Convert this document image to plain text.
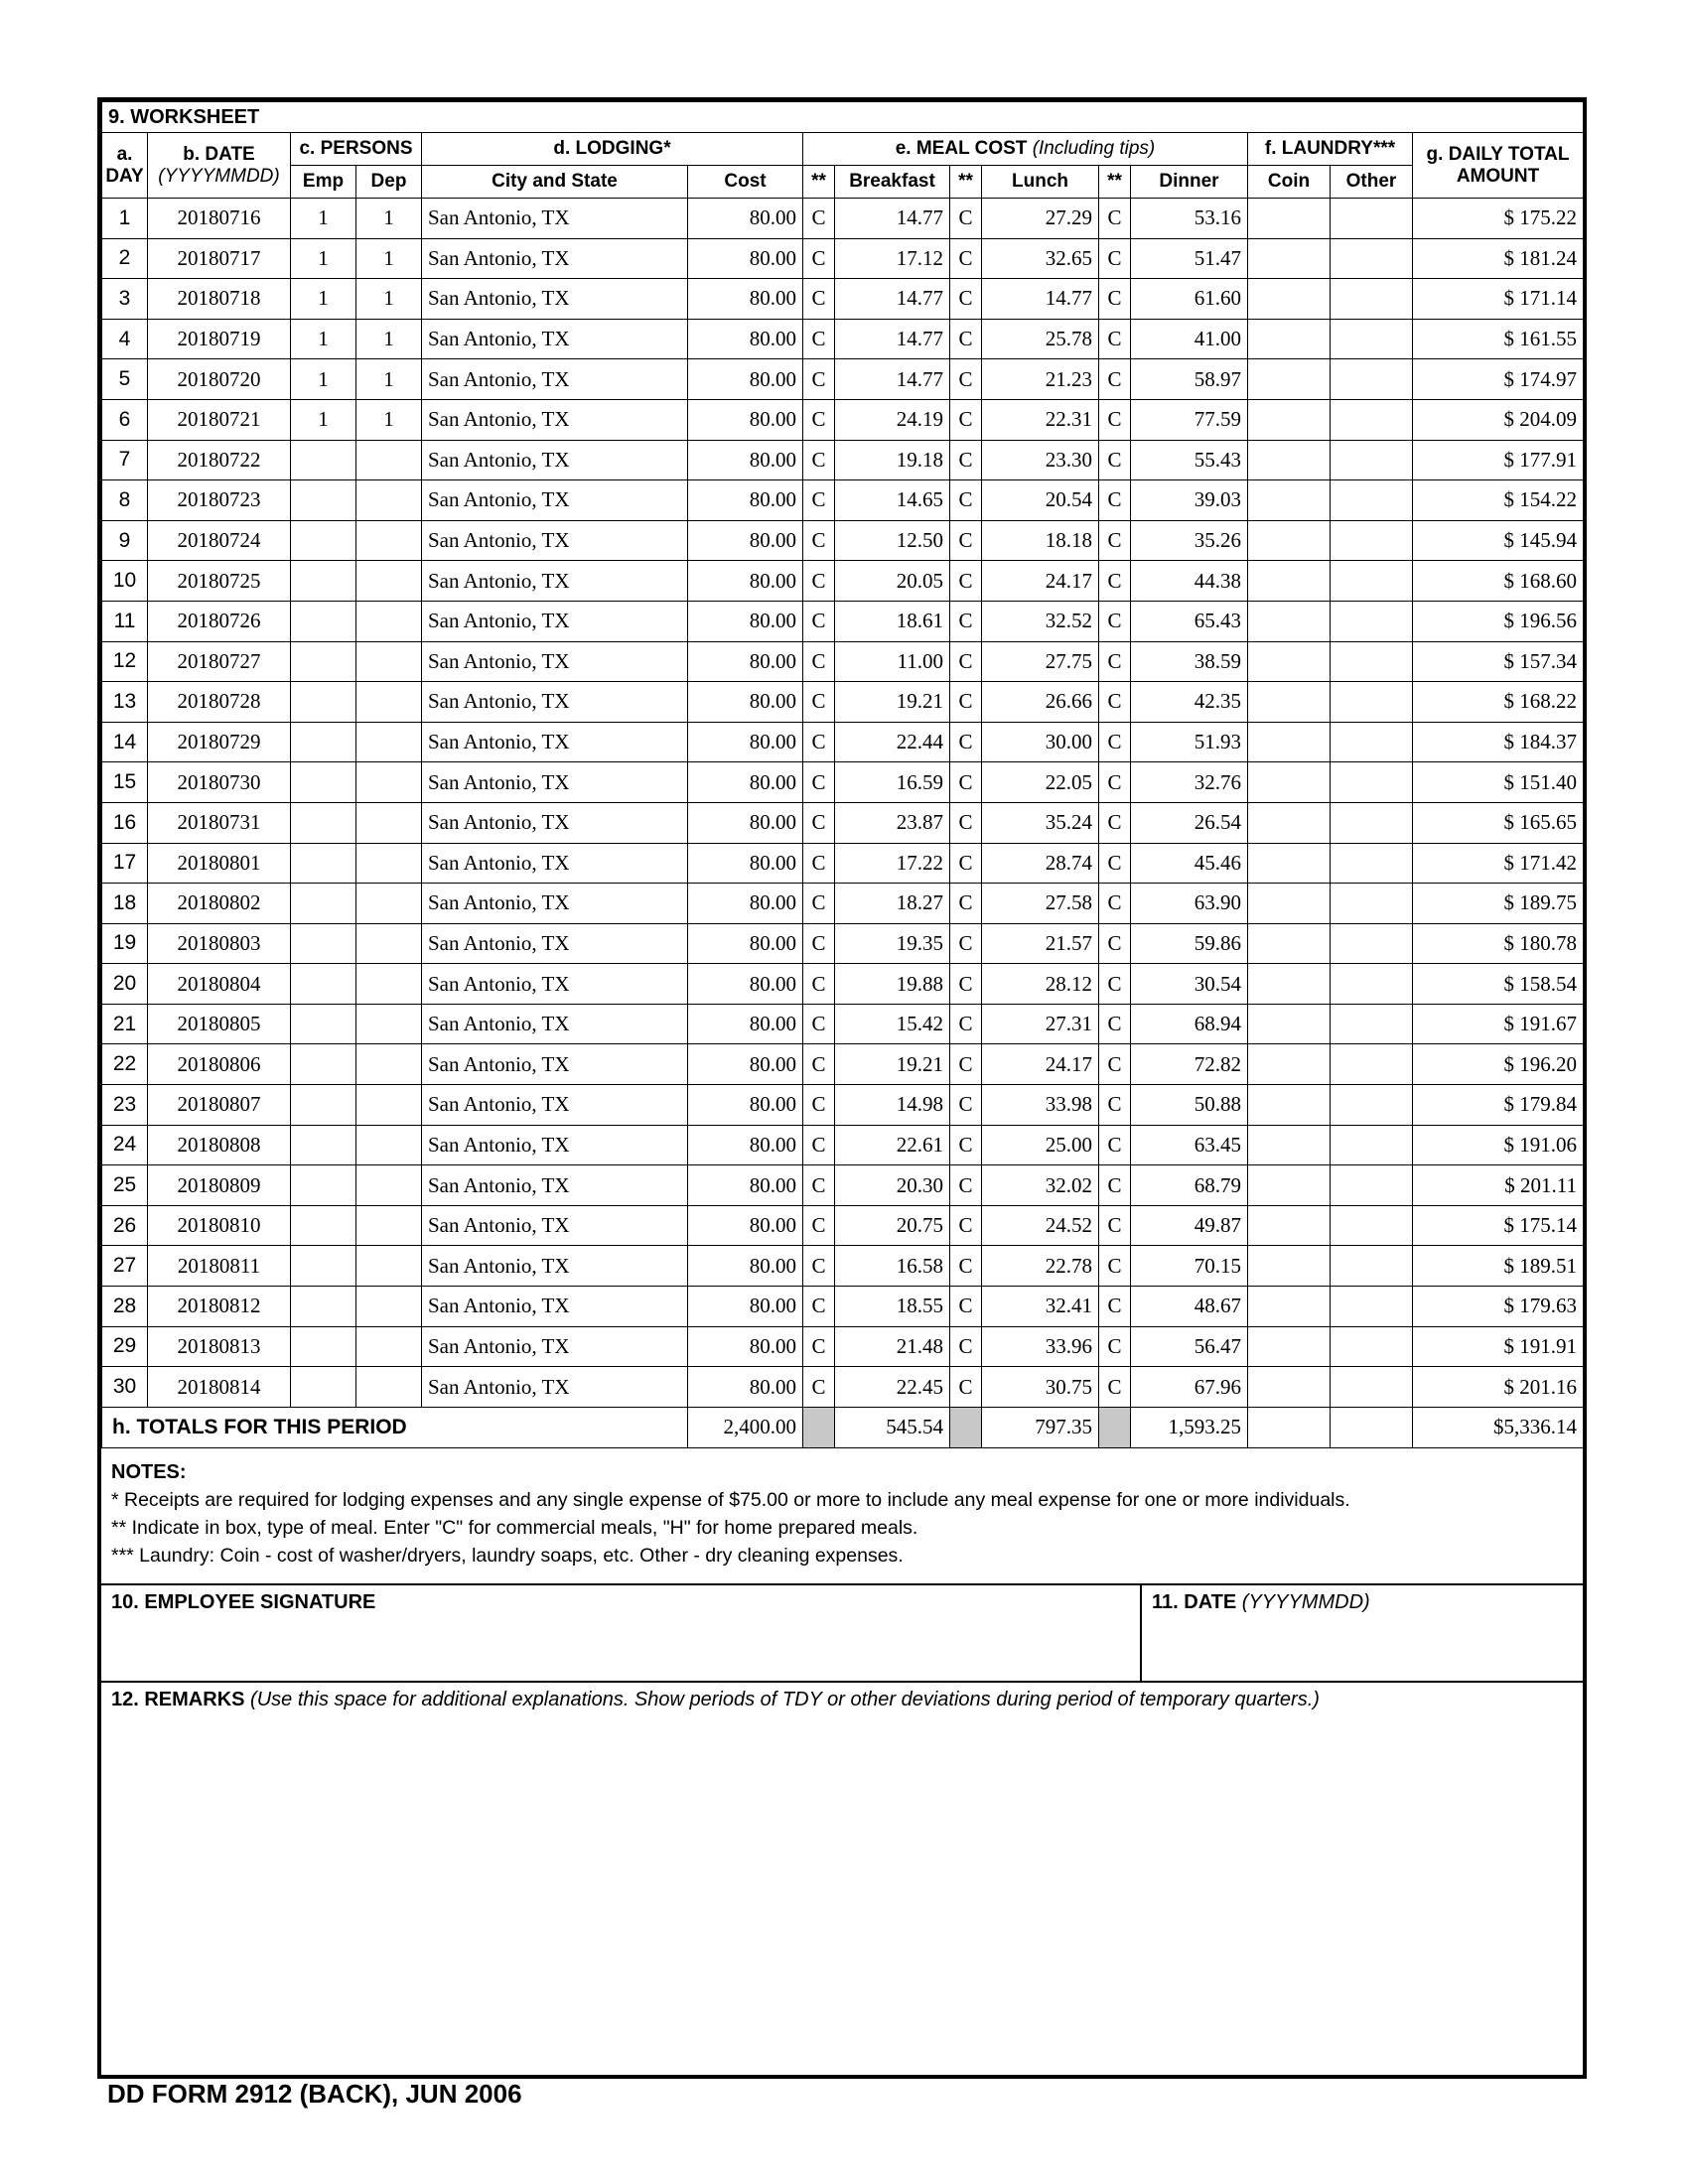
9. WORKSHEET														
a.
DAY	b. DATE
(YYYYMMDD)	c. PERSONS		d. LODGING*		e. MEAL COST (Including tips)						f. LAUNDRY***		g. DAILY TOTAL
AMOUNT
		Emp	Dep	City and State	Cost	**	Breakfast	**	Lunch	**	Dinner	Coin	Other	
1	20180716	1	1	San Antonio, TX	80.00	C	14.77	C	27.29	C	53.16			$ 175.22
2	20180717	1	1	San Antonio, TX	80.00	C	17.12	C	32.65	C	51.47			$ 181.24
3	20180718	1	1	San Antonio, TX	80.00	C	14.77	C	14.77	C	61.60			$ 171.14
4	20180719	1	1	San Antonio, TX	80.00	C	14.77	C	25.78	C	41.00			$ 161.55
5	20180720	1	1	San Antonio, TX	80.00	C	14.77	C	21.23	C	58.97			$ 174.97
6	20180721	1	1	San Antonio, TX	80.00	C	24.19	C	22.31	C	77.59			$ 204.09
7	20180722			San Antonio, TX	80.00	C	19.18	C	23.30	C	55.43			$ 177.91
8	20180723			San Antonio, TX	80.00	C	14.65	C	20.54	C	39.03			$ 154.22
9	20180724			San Antonio, TX	80.00	C	12.50	C	18.18	C	35.26			$ 145.94
10	20180725			San Antonio, TX	80.00	C	20.05	C	24.17	C	44.38			$ 168.60
11	20180726			San Antonio, TX	80.00	C	18.61	C	32.52	C	65.43			$ 196.56
12	20180727			San Antonio, TX	80.00	C	11.00	C	27.75	C	38.59			$ 157.34
13	20180728			San Antonio, TX	80.00	C	19.21	C	26.66	C	42.35			$ 168.22
14	20180729			San Antonio, TX	80.00	C	22.44	C	30.00	C	51.93			$ 184.37
15	20180730			San Antonio, TX	80.00	C	16.59	C	22.05	C	32.76			$ 151.40
16	20180731			San Antonio, TX	80.00	C	23.87	C	35.24	C	26.54			$ 165.65
17	20180801			San Antonio, TX	80.00	C	17.22	C	28.74	C	45.46			$ 171.42
18	20180802			San Antonio, TX	80.00	C	18.27	C	27.58	C	63.90			$ 189.75
19	20180803			San Antonio, TX	80.00	C	19.35	C	21.57	C	59.86			$ 180.78
20	20180804			San Antonio, TX	80.00	C	19.88	C	28.12	C	30.54			$ 158.54
21	20180805			San Antonio, TX	80.00	C	15.42	C	27.31	C	68.94			$ 191.67
22	20180806			San Antonio, TX	80.00	C	19.21	C	24.17	C	72.82			$ 196.20
23	20180807			San Antonio, TX	80.00	C	14.98	C	33.98	C	50.88			$ 179.84
24	20180808			San Antonio, TX	80.00	C	22.61	C	25.00	C	63.45			$ 191.06
25	20180809			San Antonio, TX	80.00	C	20.30	C	32.02	C	68.79			$ 201.11
26	20180810			San Antonio, TX	80.00	C	20.75	C	24.52	C	49.87			$ 175.14
27	20180811			San Antonio, TX	80.00	C	16.58	C	22.78	C	70.15			$ 189.51
28	20180812			San Antonio, TX	80.00	C	18.55	C	32.41	C	48.67			$ 179.63
29	20180813			San Antonio, TX	80.00	C	21.48	C	33.96	C	56.47			$ 191.91
30	20180814			San Antonio, TX	80.00	C	22.45	C	30.75	C	67.96			$ 201.16
h. TOTALS FOR THIS PERIOD					2,400.00		545.54		797.35		1,593.25			$5,336.14
NOTES:
* Receipts are required for lodging expenses and any single expense of $75.00 or more to include any meal expense for one or more individuals.
** Indicate in box, type of meal. Enter "C" for commercial meals, "H" for home prepared meals.
*** Laundry: Coin - cost of washer/dryers, laundry soaps, etc. Other - dry cleaning expenses.
10. EMPLOYEE SIGNATURE	11. DATE (YYYYMMDD)
12. REMARKS (Use this space for additional explanations. Show periods of TDY or other deviations during period of temporary quarters.)
DD FORM 2912 (BACK), JUN 2006
